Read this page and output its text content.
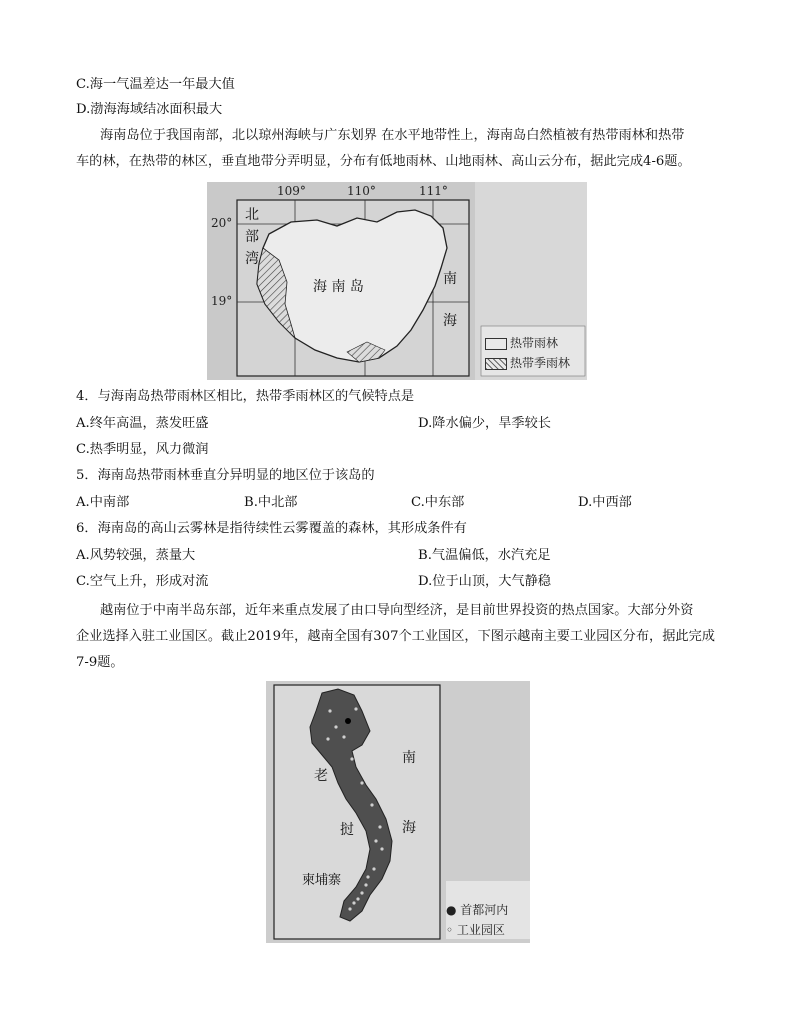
C.海一气温差达一年最大值
D.渤海海域结冰面积最大
海南岛位于我国南部，北以琼州海峡与广东划界 在水平地带性上，海南岛白然植被有热带雨林和热带
车的林，在热带的林区，垂直地带分弄明显，分布有低地雨林、山地雨林、高山云分布，据此完成4-6题。
109°	110°	111°
20°
19°
北
部
湾
海 南 岛	南
海
热带雨林
热带季雨林
4．与海南岛热带雨林区相比，热带季雨林区的气候特点是
A.终年高温，蒸发旺盛	D.降水偏少，旱季较长
C.热季明显，风力微润
5．海南岛热带雨林垂直分异明显的地区位于该岛的
A.中南部	B.中北部	C.中东部	D.中西部
6．海南岛的高山云雾林是指待续性云雾覆盖的森林，其形成条件有
A.风势较强，蒸量大	B.气温偏低，水汽充足
C.空气上升，形成对流	D.位于山顶，大气静稳
越南位于中南半岛东部，近年来重点发展了由口导向型经济，是目前世界投资的热点国家。大部分外资
企业选择入驻工业国区。截止2019年，越南全国有307个工业国区，下图示越南主要工业园区分布，据此完成
7-9题。
老
挝
柬埔寨
南
海
● 首都河内
◦ 工业园区
